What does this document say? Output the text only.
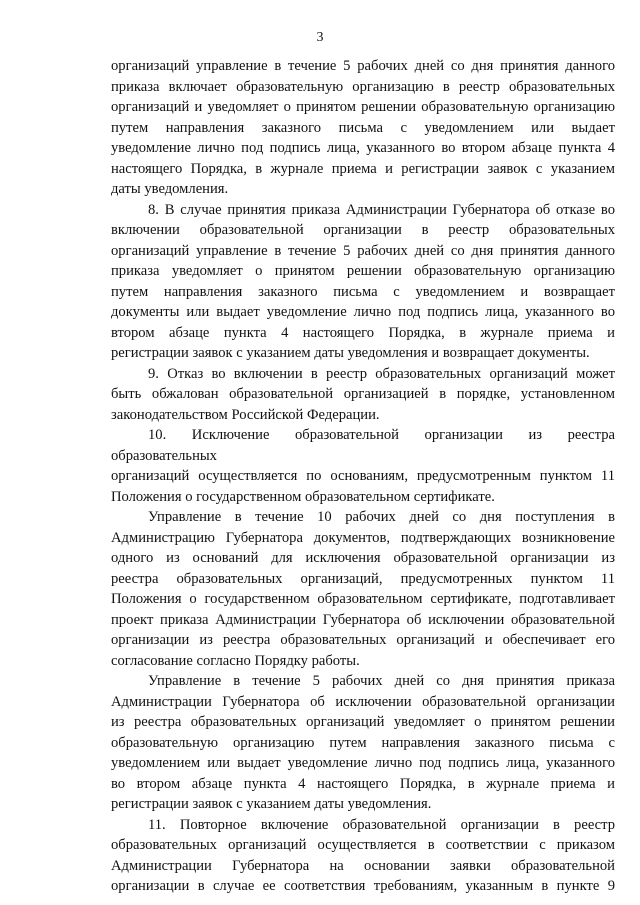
3
организаций управление в течение 5 рабочих дней со дня принятия данного
приказа включает образовательную организацию в реестр образовательных
организаций и уведомляет о принятом решении образовательную организацию
путем направления заказного письма с уведомлением или выдает
уведомление лично под подпись лица, указанного во втором абзаце пункта 4
настоящего Порядка, в журнале приема и регистрации заявок с указанием
даты уведомления.
8. В случае принятия приказа Администрации Губернатора об отказе во
включении образовательной организации в реестр образовательных
организаций управление в течение 5 рабочих дней со дня принятия данного
приказа уведомляет о принятом решении образовательную организацию
путем направления заказного письма с уведомлением и возвращает
документы или выдает уведомление лично под подпись лица, указанного во
втором абзаце пункта 4 настоящего Порядка, в журнале приема и
регистрации заявок с указанием даты уведомления и возвращает документы.
9. Отказ во включении в реестр образовательных организаций может
быть обжалован образовательной организацией в порядке, установленном
законодательством Российской Федерации.
10. Исключение образовательной организации из реестра образовательных
организаций осуществляется по основаниям, предусмотренным пунктом 11
Положения о государственном образовательном сертификате.
Управление в течение 10 рабочих дней со дня поступления в
Администрацию Губернатора документов, подтверждающих возникновение
одного из оснований для исключения образовательной организации из
реестра образовательных организаций, предусмотренных пунктом 11
Положения о государственном образовательном сертификате, подготавливает
проект приказа Администрации Губернатора об исключении образовательной
организации из реестра образовательных организаций и обеспечивает его
согласование согласно Порядку работы.
Управление в течение 5 рабочих дней со дня принятия приказа
Администрации Губернатора об исключении образовательной организации
из реестра образовательных организаций уведомляет о принятом решении
образовательную организацию путем направления заказного письма с
уведомлением или выдает уведомление лично под подпись лица, указанного
во втором абзаце пункта 4 настоящего Порядка, в журнале приема и
регистрации заявок с указанием даты уведомления.
11. Повторное включение образовательной организации в реестр
образовательных организаций осуществляется в соответствии с приказом
Администрации Губернатора на основании заявки образовательной
организации в случае ее соответствия требованиям, указанным в пункте 9
